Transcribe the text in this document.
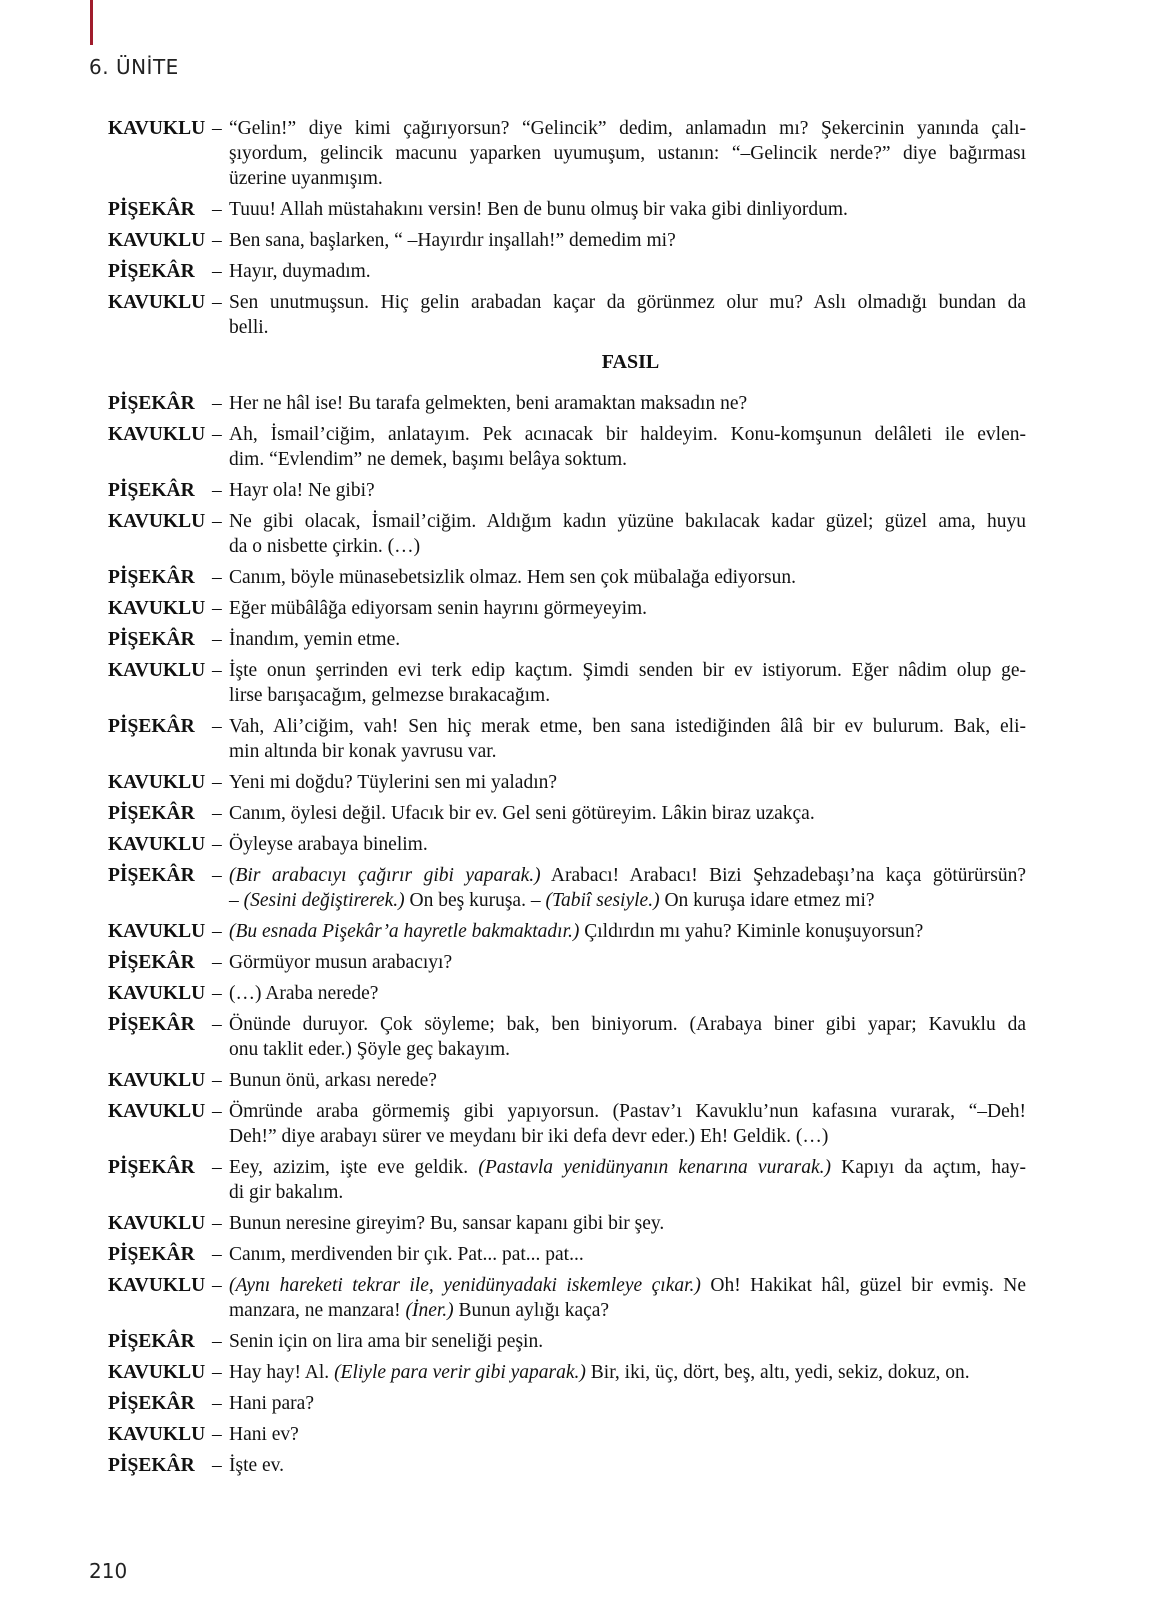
6. ÜNİTE
KAVUKLU – “Gelin!” diye kimi çağırıyorsun? “Gelincik” dedim, anlamadın mı? Şekercinin yanında çalı-
şıyordum, gelincik macunu yaparken uyumuşum, ustanın: “–Gelincik nerde?” diye bağırması
üzerine uyanmışım.
PİŞEKÂR – Tuuu! Allah müstahakını versin! Ben de bunu olmuş bir vaka gibi dinliyordum.
KAVUKLU – Ben sana, başlarken, “ –Hayırdır inşallah!” demedim mi?
PİŞEKÂR – Hayır, duymadım.
KAVUKLU – Sen unutmuşsun. Hiç gelin arabadan kaçar da görünmez olur mu? Aslı olmadığı bundan da
belli.
FASIL
PİŞEKÂR – Her ne hâl ise! Bu tarafa gelmekten, beni aramaktan maksadın ne?
KAVUKLU – Ah, İsmail’ciğim, anlatayım. Pek acınacak bir haldeyim. Konu-komşunun delâleti ile evlen-
dim. “Evlendim” ne demek, başımı belâya soktum.
PİŞEKÂR – Hayr ola! Ne gibi?
KAVUKLU – Ne gibi olacak, İsmail’ciğim. Aldığım kadın yüzüne bakılacak kadar güzel; güzel ama, huyu
da o nisbette çirkin. (…)
PİŞEKÂR – Canım, böyle münasebetsizlik olmaz. Hem sen çok mübalağa ediyorsun.
KAVUKLU – Eğer mübâlâğa ediyorsam senin hayrını görmeyeyim.
PİŞEKÂR – İnandım, yemin etme.
KAVUKLU – İşte onun şerrinden evi terk edip kaçtım. Şimdi senden bir ev istiyorum. Eğer nâdim olup ge-
lirse barışacağım, gelmezse bırakacağım.
PİŞEKÂR – Vah, Ali’ciğim, vah! Sen hiç merak etme, ben sana istediğinden âlâ bir ev bulurum. Bak, eli-
min altında bir konak yavrusu var.
KAVUKLU – Yeni mi doğdu? Tüylerini sen mi yaladın?
PİŞEKÂR – Canım, öylesi değil. Ufacık bir ev. Gel seni götüreyim. Lâkin biraz uzakça.
KAVUKLU – Öyleyse arabaya binelim.
PİŞEKÂR – (Bir arabacıyı çağırır gibi yaparak.) Arabacı! Arabacı! Bizi Şehzadebaşı’na kaça götürürsün?
– (Sesini değiştirerek.) On beş kuruşa. – (Tabiî sesiyle.) On kuruşa idare etmez mi?
KAVUKLU – (Bu esnada Pişekâr’a hayretle bakmaktadır.) Çıldırdın mı yahu? Kiminle konuşuyorsun?
PİŞEKÂR – Görmüyor musun arabacıyı?
KAVUKLU – (…) Araba nerede?
PİŞEKÂR – Önünde duruyor. Çok söyleme; bak, ben biniyorum. (Arabaya biner gibi yapar; Kavuklu da
onu taklit eder.) Şöyle geç bakayım.
KAVUKLU – Bunun önü, arkası nerede?
KAVUKLU – Ömründe araba görmemiş gibi yapıyorsun. (Pastav’ı Kavuklu’nun kafasına vurarak, “–Deh!
Deh!” diye arabayı sürer ve meydanı bir iki defa devr eder.) Eh! Geldik. (…)
PİŞEKÂR – Eey, azizim, işte eve geldik. (Pastavla yenidünyanın kenarına vurarak.) Kapıyı da açtım, hay-
di gir bakalım.
KAVUKLU – Bunun neresine gireyim? Bu, sansar kapanı gibi bir şey.
PİŞEKÂR – Canım, merdivenden bir çık. Pat... pat... pat...
KAVUKLU – (Aynı hareketi tekrar ile, yenidünyadaki iskemleye çıkar.) Oh! Hakikat hâl, güzel bir evmiş. Ne
manzara, ne manzara! (İner.) Bunun aylığı kaça?
PİŞEKÂR – Senin için on lira ama bir seneliği peşin.
KAVUKLU – Hay hay! Al. (Eliyle para verir gibi yaparak.) Bir, iki, üç, dört, beş, altı, yedi, sekiz, dokuz, on.
PİŞEKÂR – Hani para?
KAVUKLU – Hani ev?
PİŞEKÂR – İşte ev.
210
